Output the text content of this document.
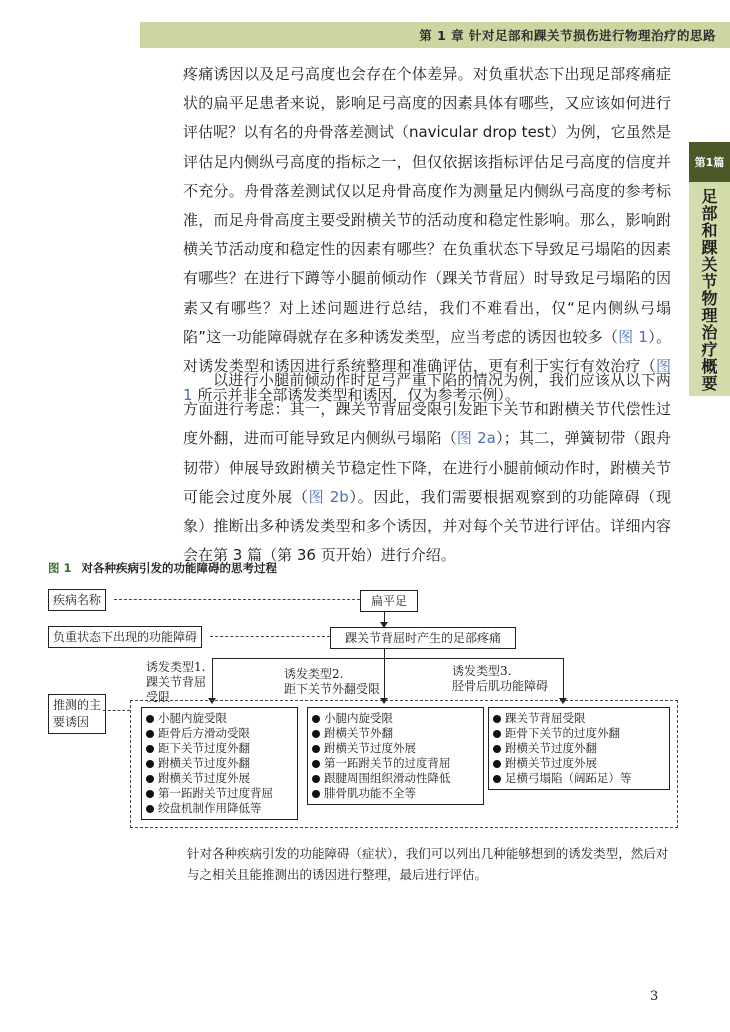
第 1 章 针对足部和踝关节损伤进行物理治疗的思路
第1篇
足部和踝关节物理治疗概要
疼痛诱因以及足弓高度也会存在个体差异。对负重状态下出现足部疼痛症状的扁平足患者来说，影响足弓高度的因素具体有哪些，又应该如何进行评估呢？以有名的舟骨落差测试（navicular drop test）为例，它虽然是评估足内侧纵弓高度的指标之一，但仅依据该指标评估足弓高度的信度并不充分。舟骨落差测试仅以足舟骨高度作为测量足内侧纵弓高度的参考标准，而足舟骨高度主要受跗横关节的活动度和稳定性影响。那么，影响跗横关节活动度和稳定性的因素有哪些？在负重状态下导致足弓塌陷的因素有哪些？在进行下蹲等小腿前倾动作（踝关节背屈）时导致足弓塌陷的因素又有哪些？对上述问题进行总结，我们不难看出，仅“足内侧纵弓塌陷”这一功能障碍就存在多种诱发类型，应当考虑的诱因也较多（图 1）。对诱发类型和诱因进行系统整理和准确评估，更有利于实行有效治疗（图 1 所示并非全部诱发类型和诱因，仅为参考示例）。
以进行小腿前倾动作时足弓严重下陷的情况为例，我们应该从以下两方面进行考虑：其一，踝关节背屈受限引发距下关节和跗横关节代偿性过度外翻，进而可能导致足内侧纵弓塌陷（图 2a）；其二，弹簧韧带（跟舟韧带）伸展导致跗横关节稳定性下降，在进行小腿前倾动作时，跗横关节可能会过度外展（图 2b）。因此，我们需要根据观察到的功能障碍（现象）推断出多种诱发类型和多个诱因，并对每个关节进行评估。详细内容会在第 3 篇（第 36 页开始）进行介绍。
图 1 对各种疾病引发的功能障碍的思考过程
疾病名称	扁平足
负重状态下出现的功能障碍	踝关节背屈时产生的足部疼痛
诱发类型1.
踝关节背屈
受限
诱发类型2.
距下关节外翻受限
诱发类型3.
胫骨后肌功能障碍
推测的主
要诱因	小腿内旋受限
距骨后方滑动受限
距下关节过度外翻
跗横关节过度外翻
跗横关节过度外展
第一跖跗关节过度背屈
绞盘机制作用降低等
小腿内旋受限
跗横关节外翻
跗横关节过度外展
第一跖跗关节的过度背屈
跟腱周围组织滑动性降低
腓骨肌功能不全等
踝关节背屈受限
距骨下关节的过度外翻
跗横关节过度外翻
跗横关节过度外展
足横弓塌陷（阔跖足）等
针对各种疾病引发的功能障碍（症状），我们可以列出几种能够想到的诱发类型，然后对与之相关且能推测出的诱因进行整理，最后进行评估。
3
